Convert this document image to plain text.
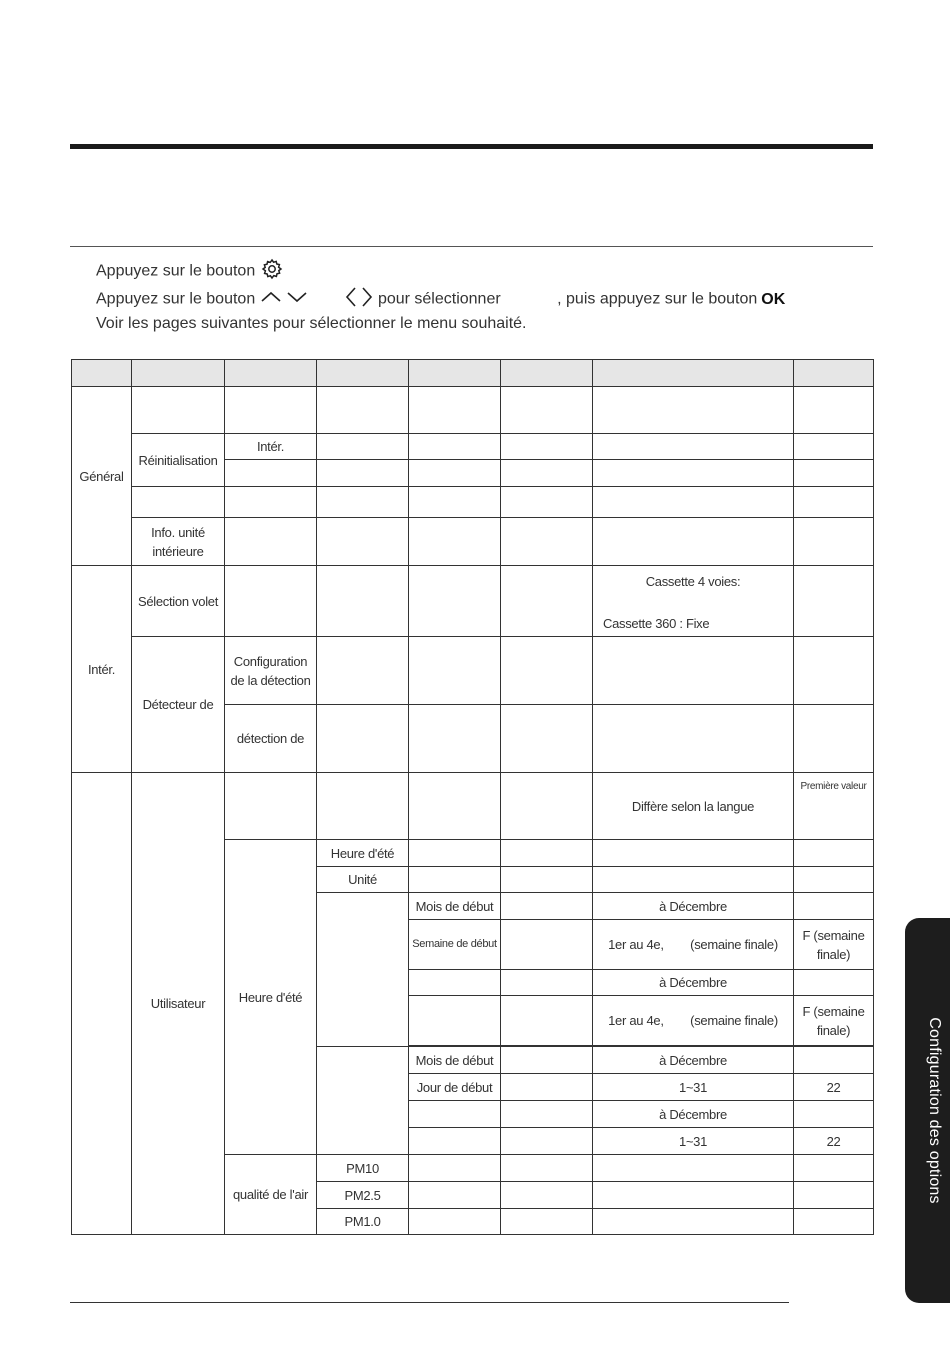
Appuyez sur le bouton
Appuyez sur le bouton	pour sélectionner	, puis appuyez sur le bouton OK
Voir les pages suivantes pour sélectionner le menu souhaité.

Général							
	Réinitialisation	Intér.					

	Info. unité intérieure						
Intér.	Sélection volet					Cassette 4 voies:
Cassette 360 : Fixe	

	Détecteur de	Configuration de la détection					
		détection de					
	Utilisateur					Diffère selon la langue	Première valeur
		Heure d'été	Heure d'été				
			Unité				
				Mois de début		à Décembre	
				Semaine de début		1er au 4e, (semaine finale)	F (semaine finale)
						à Décembre	
						1er au 4e, (semaine finale)	F (semaine finale)

				Mois de début		à Décembre	
				Jour de début		1~31	22
						à Décembre	
						1~31	22
		qualité de l'air	PM10				
			PM2.5				
			PM1.0				
Configuration des options
